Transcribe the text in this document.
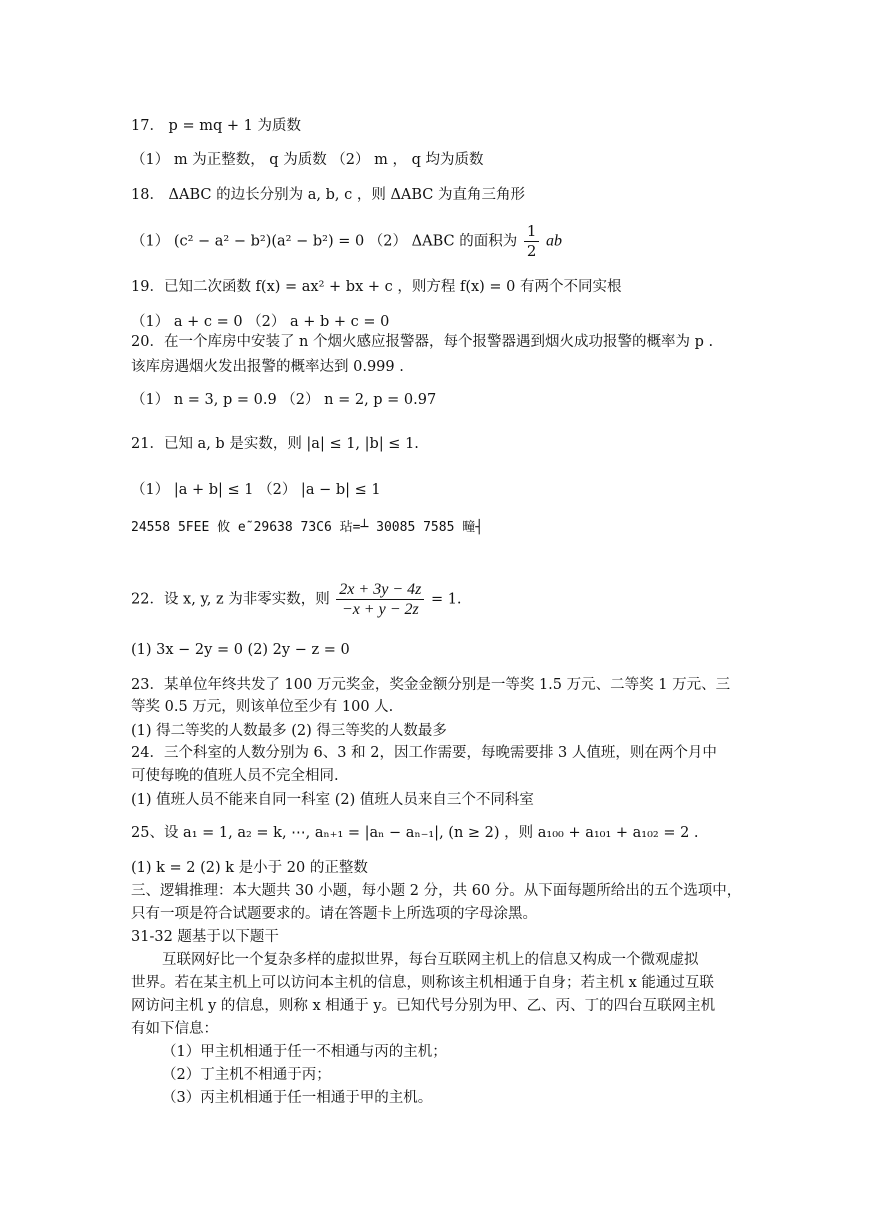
17． p = mq + 1 为质数
（1） m 为正整数， q 为质数 （2） m ， q 均为质数
18． ΔABC 的边长分别为 a, b, c ，则 ΔABC 为直角三角形
（1） (c² − a² − b²)(a² − b²) = 0 （2） ΔABC 的面积为 $\frac{1}{2}$ ab
19．已知二次函数 f(x) = ax² + bx + c ，则方程 f(x) = 0 有两个不同实根
（1） a + c = 0 （2） a + b + c = 0
20．在一个库房中安装了 n 个烟火感应报警器，每个报警器遇到烟火成功报警的概率为 p .
该库房遇烟火发出报警的概率达到 0.999 .
（1） n = 3, p = 0.9 （2） n = 2, p = 0.97
21．已知 a, b 是实数，则 |a| ≤ 1, |b| ≤ 1.
（1） |a + b| ≤ 1 （2） |a − b| ≤ 1
24558 5FEE 攸 e˜29638 73C6 玷=┴ 30085 7585 疃┤
22．设 x, y, z 为非零实数，则 $\frac{2x + 3y - 4z}{-x + y - 2z} = 1$.
(1) 3x − 2y = 0 (2) 2y − z = 0
23．某单位年终共发了 100 万元奖金，奖金金额分别是一等奖 1.5 万元、二等奖 1 万元、三
等奖 0.5 万元，则该单位至少有 100 人.
(1) 得二等奖的人数最多 (2) 得三等奖的人数最多
24．三个科室的人数分别为 6、3 和 2，因工作需要，每晚需要排 3 人值班，则在两个月中
可使每晚的值班人员不完全相同.
(1) 值班人员不能来自同一科室 (2) 值班人员来自三个不同科室
25、设 a₁ = 1, a₂ = k, ⋯, aₙ₊₁ = |aₙ − aₙ₋₁|, (n ≥ 2) ，则 a₁₀₀ + a₁₀₁ + a₁₀₂ = 2 .
(1) k = 2 (2) k 是小于 20 的正整数
三、逻辑推理：本大题共 30 小题，每小题 2 分，共 60 分。从下面每题所给出的五个选项中，
只有一项是符合试题要求的。请在答题卡上所选项的字母涂黑。
31-32 题基于以下题干
互联网好比一个复杂多样的虚拟世界，每台互联网主机上的信息又构成一个微观虚拟
世界。若在某主机上可以访问本主机的信息，则称该主机相通于自身；若主机 x 能通过互联
网访问主机 y 的信息，则称 x 相通于 y。已知代号分别为甲、乙、丙、丁的四台互联网主机
有如下信息：
（1）甲主机相通于任一不相通与丙的主机；
（2）丁主机不相通于丙；
（3）丙主机相通于任一相通于甲的主机。
